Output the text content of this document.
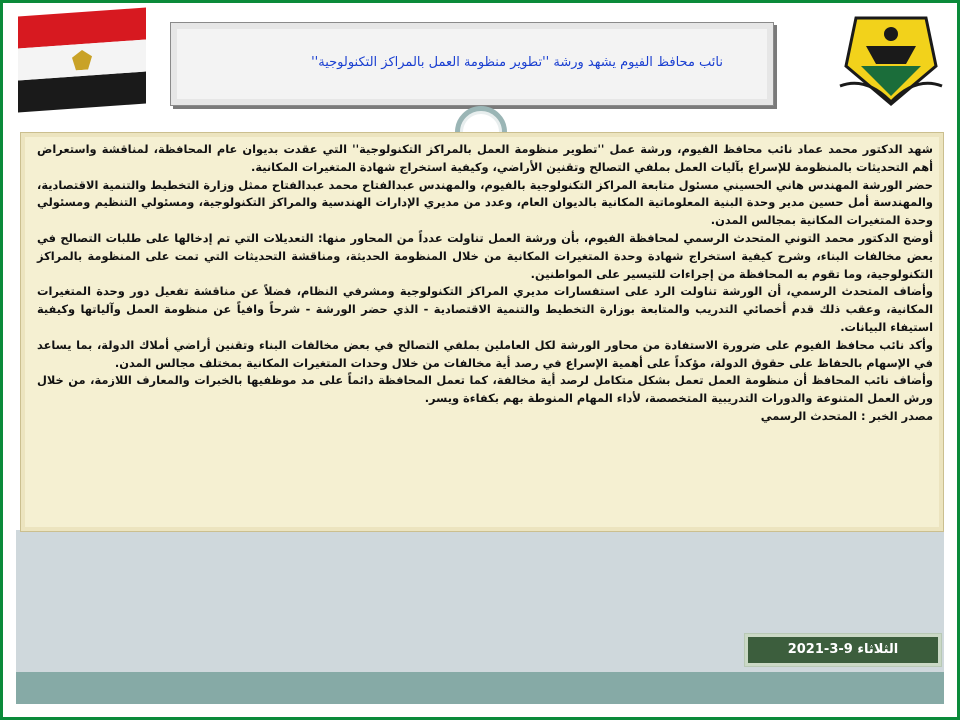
نائب محافظ الفيوم يشهد ورشة ''تطوير منظومة العمل بالمراكز التكنولوجية''

شهد الدكتور محمد عماد نائب محافظ الفيوم، ورشة عمل ''تطوير منظومة العمل بالمراكز التكنولوجية'' التي عقدت بديوان عام المحافظة، لمناقشة واستعراض أهم التحديثات بالمنظومة للإسراع بآليات العمل بملفي التصالح وتقنين الأراضي، وكيفية استخراج شهادة المتغيرات المكانية.

حضر الورشة المهندس هاني الحسيني مسئول متابعة المراكز التكنولوجية بالفيوم، والمهندس عبدالفتاح محمد عبدالفتاح ممثل وزارة التخطيط والتنمية الاقتصادية، والمهندسة أمل حسين مدير وحدة البنية المعلوماتية المكانية بالديوان العام، وعدد من مديري الإدارات الهندسية والمراكز التكنولوجية، ومسئولي التنظيم ومسئولي وحدة المتغيرات المكانية بمجالس المدن.

أوضح الدكتور محمد التوني المتحدث الرسمي لمحافظة الفيوم، بأن ورشة العمل تناولت عدداً من المحاور منها: التعديلات التي تم إدخالها على طلبات التصالح في بعض مخالفات البناء، وشرح كيفية استخراج شهادة وحدة المتغيرات المكانية من خلال المنظومة الحديثة، ومناقشة التحديثات التي تمت على المنظومة بالمراكز التكنولوجية، وما تقوم به المحافظة من إجراءات للتيسير على المواطنين.

وأضاف المتحدث الرسمي، أن الورشة تناولت الرد على استفسارات مديري المراكز التكنولوجية ومشرفي النظام، فضلاً عن مناقشة تفعيل دور وحدة المتغيرات المكانية، وعقب ذلك قدم أخصائي التدريب والمتابعة بوزارة التخطيط والتنمية الاقتصادية - الذي حضر الورشة - شرحاً وافياً عن منظومة العمل وآلياتها وكيفية استيفاء البيانات.

وأكد نائب محافظ الفيوم على ضرورة الاستفادة من محاور الورشة لكل العاملين بملفي التصالح في بعض مخالفات البناء وتقنين أراضي أملاك الدولة، بما يساعد في الإسهام بالحفاظ على حقوق الدولة، مؤكداً على أهمية الإسراع في رصد أية مخالفات من خلال وحدات المتغيرات المكانية بمختلف مجالس المدن.

وأضاف نائب المحافظ أن منظومة العمل تعمل بشكل متكامل لرصد أية مخالفة، كما تعمل المحافظة دائماً على مد موظفيها بالخبرات والمعارف اللازمة، من خلال ورش العمل المتنوعة والدورات التدريبية المتخصصة، لأداء المهام المنوطة بهم بكفاءة ويسر.

مصدر الخبر : المتحدث الرسمي

الثلاثاء 9-3-2021
